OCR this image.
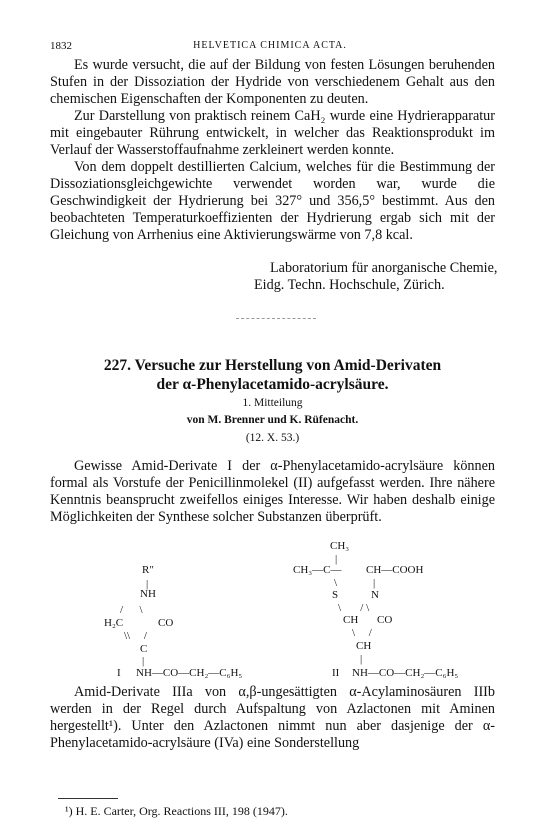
1832	HELVETICA CHIMICA ACTA.

Es wurde versucht, die auf der Bildung von festen Lösungen beruhenden Stufen in der Dissoziation der Hydride von verschiedenem Gehalt aus den chemischen Eigenschaften der Komponenten zu deuten.

Zur Darstellung von praktisch reinem CaH₂ wurde eine Hydrierapparatur mit eingebauter Rührung entwickelt, in welcher das Reaktionsprodukt im Verlauf der Wasserstoffaufnahme zerkleinert werden konnte.

Von dem doppelt destillierten Calcium, welches für die Bestimmung der Dissoziationsgleichgewichte verwendet worden war, wurde die Geschwindigkeit der Hydrierung bei 327° und 356,5° bestimmt. Aus den beobachteten Temperaturkoeffizienten der Hydrierung ergab sich mit der Gleichung von Arrhenius eine Aktivierungswärme von 7,8 kcal.

Laboratorium für anorganische Chemie,
Eidg. Techn. Hochschule, Zürich.
227. Versuche zur Herstellung von Amid-Derivaten
der α-Phenylacetamido-acrylsäure.
1. Mitteilung
von M. Brenner und K. Rüfenacht.
(12. X. 53.)

Gewisse Amid-Derivate I der α-Phenylacetamido-acrylsäure können formal als Vorstufe der Penicillinmolekel (II) aufgefasst werden. Ihre nähere Kenntnis beansprucht zweifellos einiges Interesse. Wir haben deshalb einige Möglichkeiten der Synthese solcher Substanzen überprüft.

R″
|
NH
/      \
H₂C	CO
\\     /
C
|
I NH—CO—CH₂—C₆H₅
CH₃
|
CH₃—C— CH—COOH
\	|
S	N
\       / \
CH CO
\     /
CH
|
II NH—CO—CH₂—C₆H₅

Amid-Derivate IIIa von α,β-ungesättigten α-Acylaminosäuren IIIb werden in der Regel durch Aufspaltung von Azlactonen mit Aminen hergestellt¹). Unter den Azlactonen nimmt nun aber dasjenige der α-Phenylacetamido-acrylsäure (IVa) eine Sonderstellung

¹) H. E. Carter, Org. Reactions III, 198 (1947).
